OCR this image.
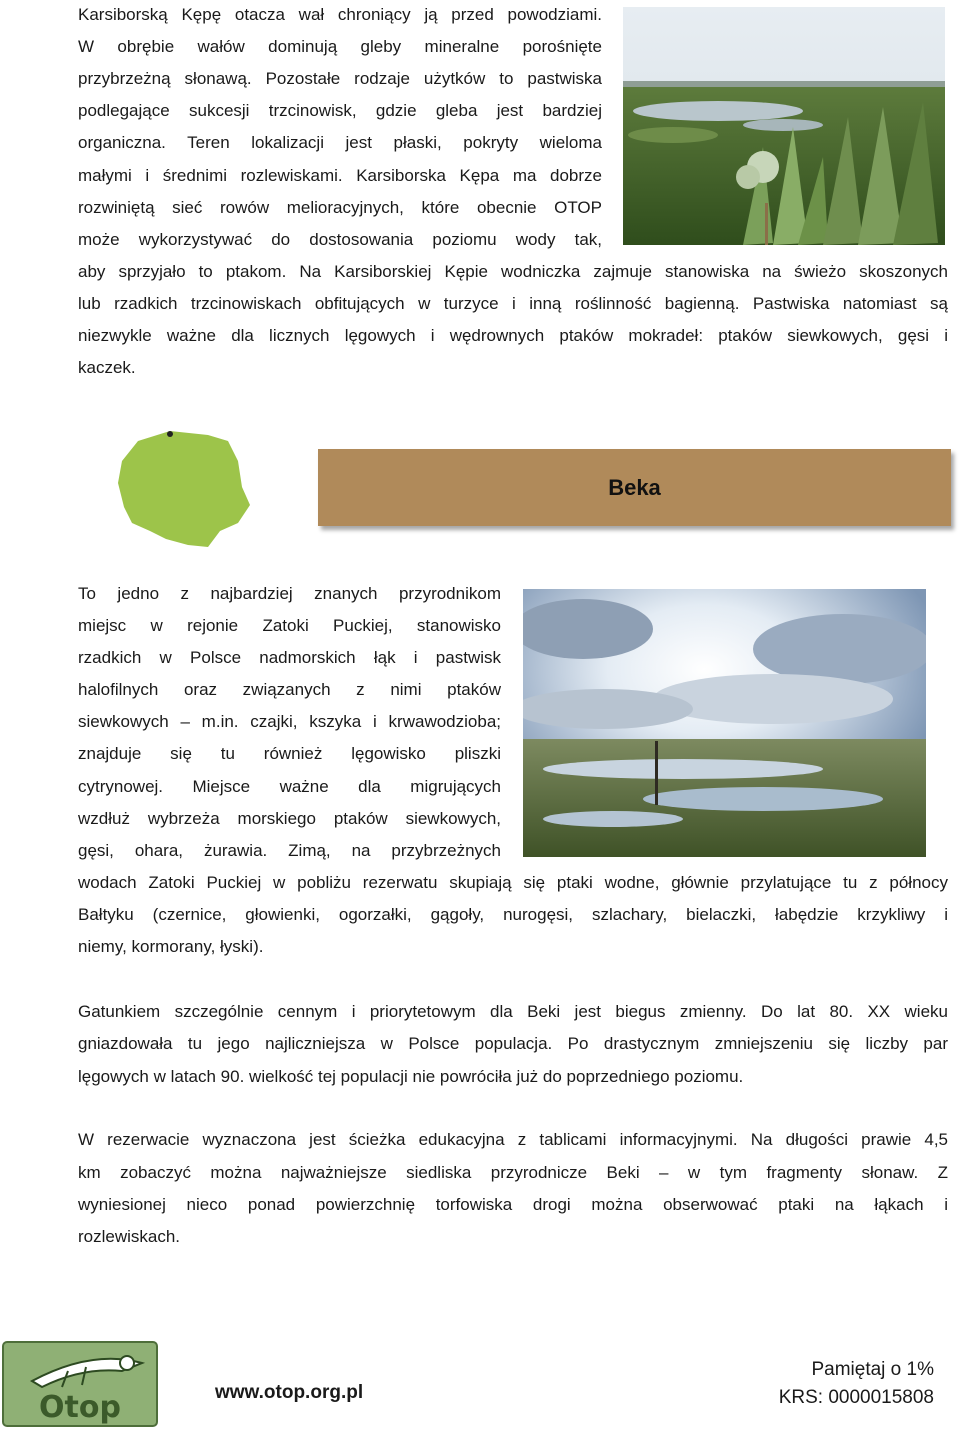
Karsiborską Kępę otacza wał chroniący ją przed powodziami.

W obrębie wałów dominują gleby mineralne porośnięte

przybrzeżną słonawą. Pozostałe rodzaje użytków to pastwiska

podlegające sukcesji trzcinowisk, gdzie gleba jest bardziej

organiczna. Teren lokalizacji jest płaski, pokryty wieloma

małymi i średnimi rozlewiskami. Karsiborska Kępa ma dobrze

rozwiniętą sieć rowów melioracyjnych, które obecnie OTOP

może wykorzystywać do dostosowania poziomu wody tak,

aby sprzyjało to ptakom. Na Karsiborskiej Kępie wodniczka zajmuje stanowiska na świeżo skoszonych

lub rzadkich trzcinowiskach obfitujących w turzyce i inną roślinność bagienną. Pastwiska natomiast są

niezwykle ważne dla licznych lęgowych i wędrownych ptaków mokradeł: ptaków siewkowych, gęsi i

kaczek.

Beka

To jedno z najbardziej znanych przyrodnikom

miejsc w rejonie Zatoki Puckiej, stanowisko

rzadkich w Polsce nadmorskich łąk i pastwisk

halofilnych oraz związanych z nimi ptaków

siewkowych – m.in. czajki, kszyka i krwawodzioba;

znajduje się tu również lęgowisko pliszki

cytrynowej. Miejsce ważne dla migrujących

wzdłuż wybrzeża morskiego ptaków siewkowych,

gęsi, ohara, żurawia. Zimą, na przybrzeżnych

wodach Zatoki Puckiej w pobliżu rezerwatu skupiają się ptaki wodne, głównie przylatujące tu z północy

Bałtyku (czernice, głowienki, ogorzałki, gągoły, nurogęsi, szlachary, bielaczki, łabędzie krzykliwy i

niemy, kormorany, łyski).

Gatunkiem szczególnie cennym i priorytetowym dla Beki jest biegus zmienny. Do lat 80. XX wieku

gniazdowała tu jego najliczniejsza w Polsce populacja. Po drastycznym zmniejszeniu się liczby par

lęgowych w latach 90. wielkość tej populacji nie powróciła już do poprzedniego poziomu.

W rezerwacie wyznaczona jest ścieżka edukacyjna z tablicami informacyjnymi. Na długości prawie 4,5

km zobaczyć można najważniejsze siedliska przyrodnicze Beki – w tym fragmenty słonaw. Z

wyniesionej nieco ponad powierzchnię torfowiska drogi można obserwować ptaki na łąkach i

rozlewiskach.

Otop	www.otop.org.pl
Pamiętaj o 1%
KRS: 0000015808
